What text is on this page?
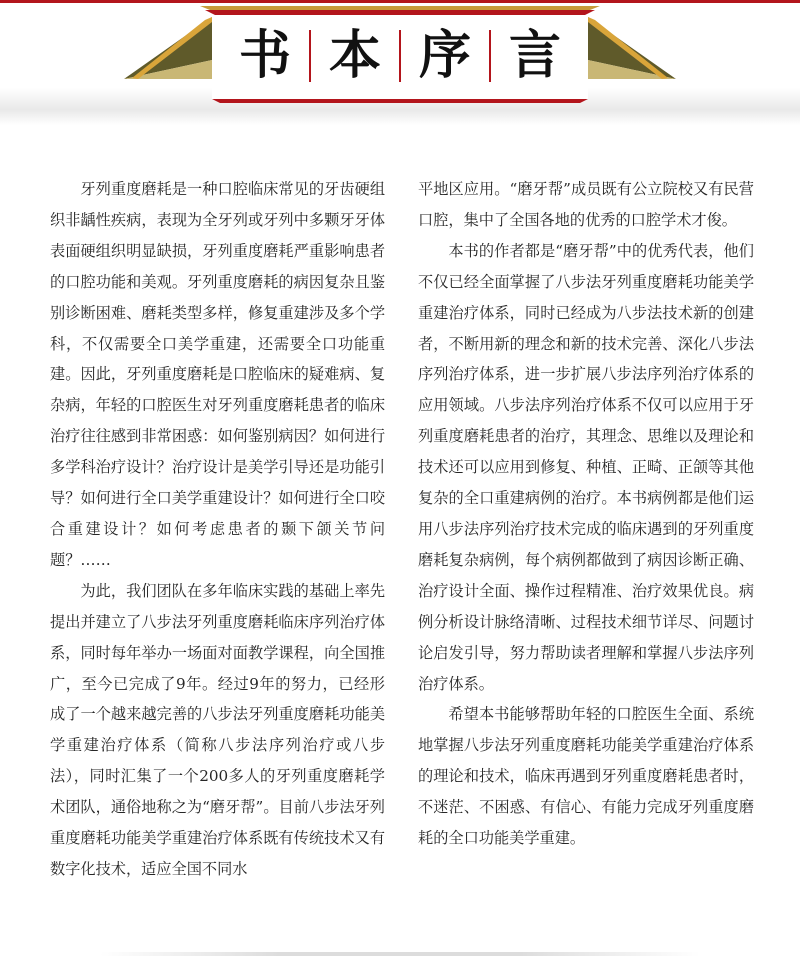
书 本 序 言

牙列重度磨耗是一种口腔临床常见的牙齿硬组织非龋性疾病，表现为全牙列或牙列中多颗牙牙体表面硬组织明显缺损，牙列重度磨耗严重影响患者的口腔功能和美观。牙列重度磨耗的病因复杂且鉴别诊断困难、磨耗类型多样，修复重建涉及多个学科，不仅需要全口美学重建，还需要全口功能重建。因此，牙列重度磨耗是口腔临床的疑难病、复杂病，年轻的口腔医生对牙列重度磨耗患者的临床治疗往往感到非常困惑：如何鉴别病因？如何进行多学科治疗设计？治疗设计是美学引导还是功能引导？如何进行全口美学重建设计？如何进行全口咬合重建设计？如何考虑患者的颞下颌关节问题？……

为此，我们团队在多年临床实践的基础上率先提出并建立了八步法牙列重度磨耗临床序列治疗体系，同时每年举办一场面对面教学课程，向全国推广，至今已完成了9年。经过9年的努力，已经形成了一个越来越完善的八步法牙列重度磨耗功能美学重建治疗体系（简称八步法序列治疗或八步法），同时汇集了一个200多人的牙列重度磨耗学术团队，通俗地称之为“磨牙帮”。目前八步法牙列重度磨耗功能美学重建治疗体系既有传统技术又有数字化技术，适应全国不同水

平地区应用。“磨牙帮”成员既有公立院校又有民营口腔，集中了全国各地的优秀的口腔学术才俊。

本书的作者都是“磨牙帮”中的优秀代表，他们不仅已经全面掌握了八步法牙列重度磨耗功能美学重建治疗体系，同时已经成为八步法技术新的创建者，不断用新的理念和新的技术完善、深化八步法序列治疗体系，进一步扩展八步法序列治疗体系的应用领域。八步法序列治疗体系不仅可以应用于牙列重度磨耗患者的治疗，其理念、思维以及理论和技术还可以应用到修复、种植、正畸、正颌等其他复杂的全口重建病例的治疗。本书病例都是他们运用八步法序列治疗技术完成的临床遇到的牙列重度磨耗复杂病例，每个病例都做到了病因诊断正确、治疗设计全面、操作过程精准、治疗效果优良。病例分析设计脉络清晰、过程技术细节详尽、问题讨论启发引导，努力帮助读者理解和掌握八步法序列治疗体系。

希望本书能够帮助年轻的口腔医生全面、系统地掌握八步法牙列重度磨耗功能美学重建治疗体系的理论和技术，临床再遇到牙列重度磨耗患者时，不迷茫、不困惑、有信心、有能力完成牙列重度磨耗的全口功能美学重建。
